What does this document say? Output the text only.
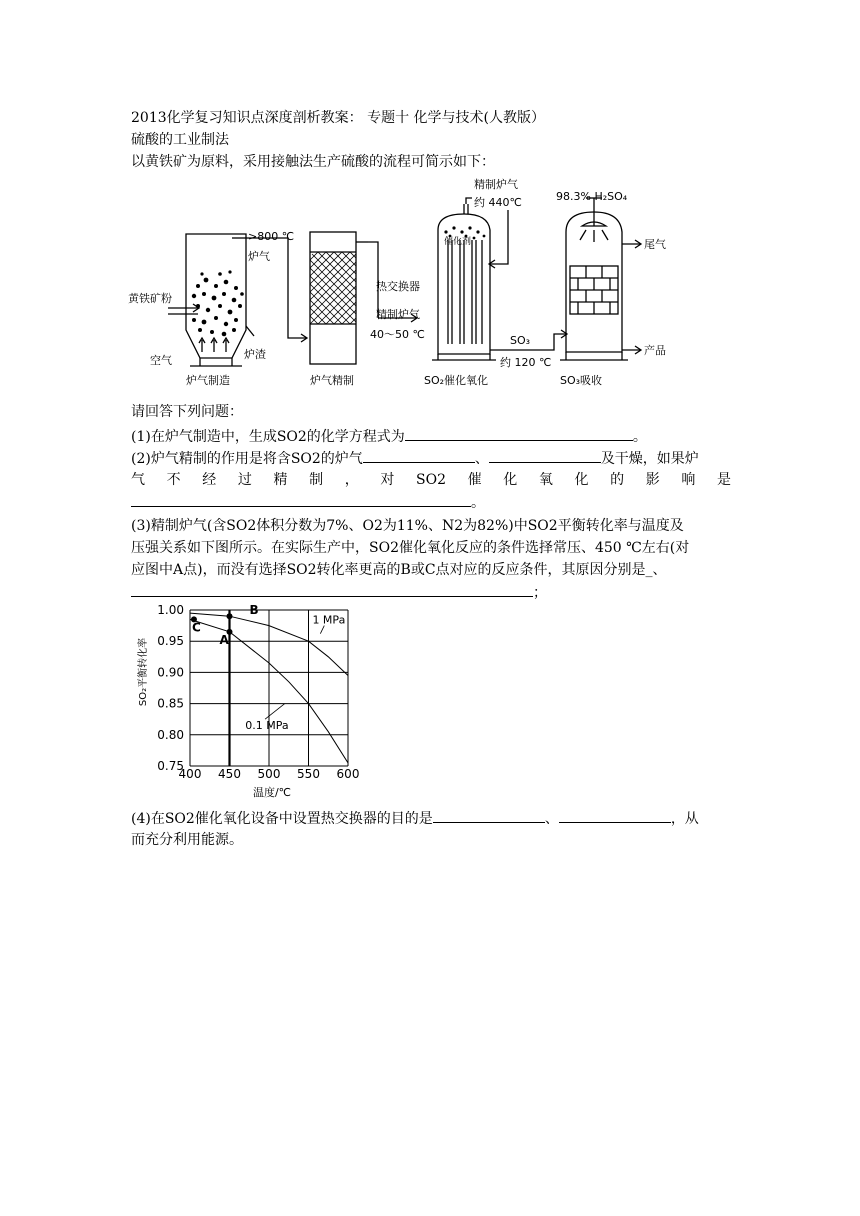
2013化学复习知识点深度剖析教案： 专题十 化学与技术(人教版）
硫酸的工业制法
以黄铁矿为原料，采用接触法生产硫酸的流程可简示如下：
黄铁矿粉
空气	炉渣
>800 ℃
炉气
精制炉气
约 440℃
催化剂
热交换器
精制炉气
40～50 ℃	SO₃
约 120 ℃
98.3% H₂SO₄
尾气
产品
炉气制造	炉气精制	SO₂催化氧化	SO₃吸收
请回答下列问题：
(1)在炉气制造中，生成SO2的化学方程式为	。
(2)炉气精制的作用是将含SO2的炉气	、	及干燥，如果炉
气 不 经 过 精 制 ， 对 SO2 催 化 氧 化 的 影 响 是
。
(3)精制炉气(含SO2体积分数为7%、O2为11%、N2为82%)中SO2平衡转化率与温度及
压强关系如下图所示。在实际生产中，SO2催化氧化反应的条件选择常压、450 ℃左右(对
应图中A点)，而没有选择SO2转化率更高的B或C点对应的反应条件，其原因分别是_、
；
400 450 500 550 600
0.75
0.80
0.85
0.90
0.95
1.00
1 MPa
0.1 MPa
A
B
C
温度/℃
SO₂平衡转化率
(4)在SO2催化氧化设备中设置热交换器的目的是	、	，从
而充分利用能源。
